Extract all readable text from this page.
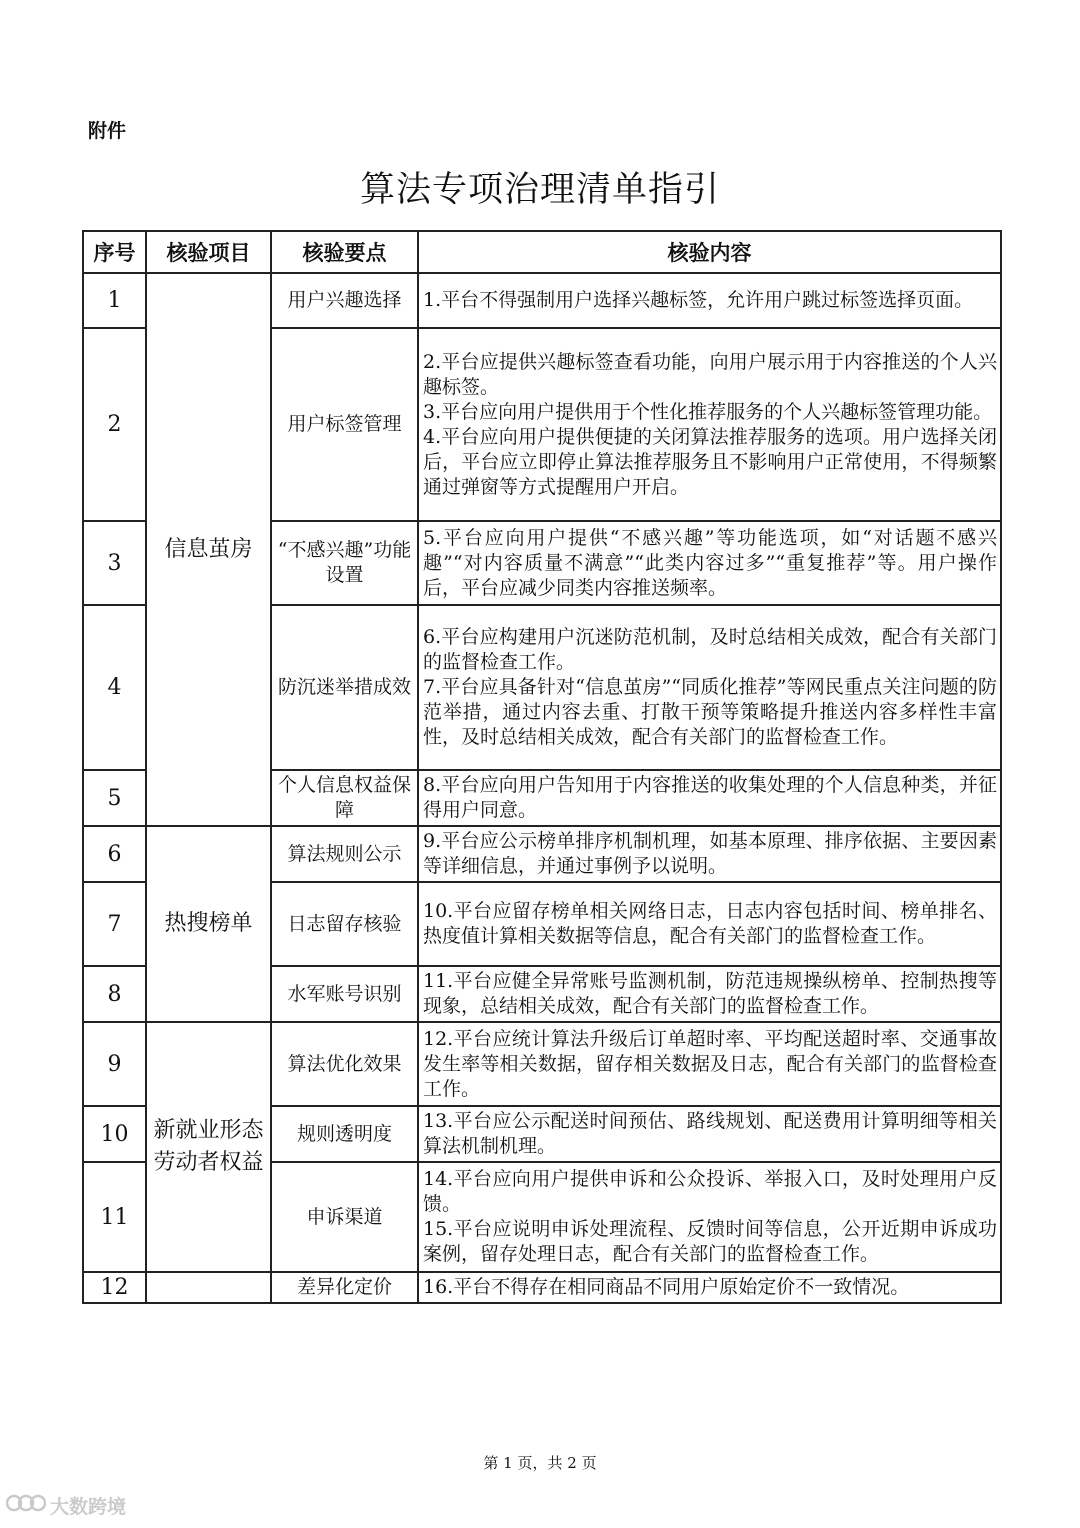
附件
算法专项治理清单指引
序号	核验项目	核验要点	核验内容
1	信息茧房	用户兴趣选择	1.平台不得强制用户选择兴趣标签，允许用户跳过标签选择页面。

2		用户标签管理	2.平台应提供兴趣标签查看功能，向用户展示用于内容推送的个人兴趣标签。
3.平台应向用户提供用于个性化推荐服务的个人兴趣标签管理功能。
4.平台应向用户提供便捷的关闭算法推荐服务的选项。用户选择关闭后，平台应立即停止算法推荐服务且不影响用户正常使用，不得频繁通过弹窗等方式提醒用户开启。

3		“不感兴趣”功能设置	5.平台应向用户提供“不感兴趣”等功能选项，如“对话题不感兴趣”“对内容质量不满意”“此类内容过多”“重复推荐”等。用户操作后，平台应减少同类内容推送频率。

4		防沉迷举措成效	6.平台应构建用户沉迷防范机制，及时总结相关成效，配合有关部门的监督检查工作。
7.平台应具备针对“信息茧房”“同质化推荐”等网民重点关注问题的防范举措，通过内容去重、打散干预等策略提升推送内容多样性丰富性，及时总结相关成效，配合有关部门的监督检查工作。

5		个人信息权益保障	8.平台应向用户告知用于内容推送的收集处理的个人信息种类，并征得用户同意。

6	热搜榜单	算法规则公示	9.平台应公示榜单排序机制机理，如基本原理、排序依据、主要因素等详细信息，并通过事例予以说明。

7		日志留存核验	10.平台应留存榜单相关网络日志，日志内容包括时间、榜单排名、热度值计算相关数据等信息，配合有关部门的监督检查工作。

8		水军账号识别	11.平台应健全异常账号监测机制，防范违规操纵榜单、控制热搜等现象，总结相关成效，配合有关部门的监督检查工作。

9	新就业形态劳动者权益	算法优化效果	12.平台应统计算法升级后订单超时率、平均配送超时率、交通事故发生率等相关数据，留存相关数据及日志，配合有关部门的监督检查工作。

10		规则透明度	13.平台应公示配送时间预估、路线规划、配送费用计算明细等相关算法机制机理。

11		申诉渠道	14.平台应向用户提供申诉和公众投诉、举报入口，及时处理用户反馈。
15.平台应说明申诉处理流程、反馈时间等信息，公开近期申诉成功案例，留存处理日志，配合有关部门的监督检查工作。

12		差异化定价	16.平台不得存在相同商品不同用户原始定价不一致情况。
第 1 页，共 2 页
大数跨境
